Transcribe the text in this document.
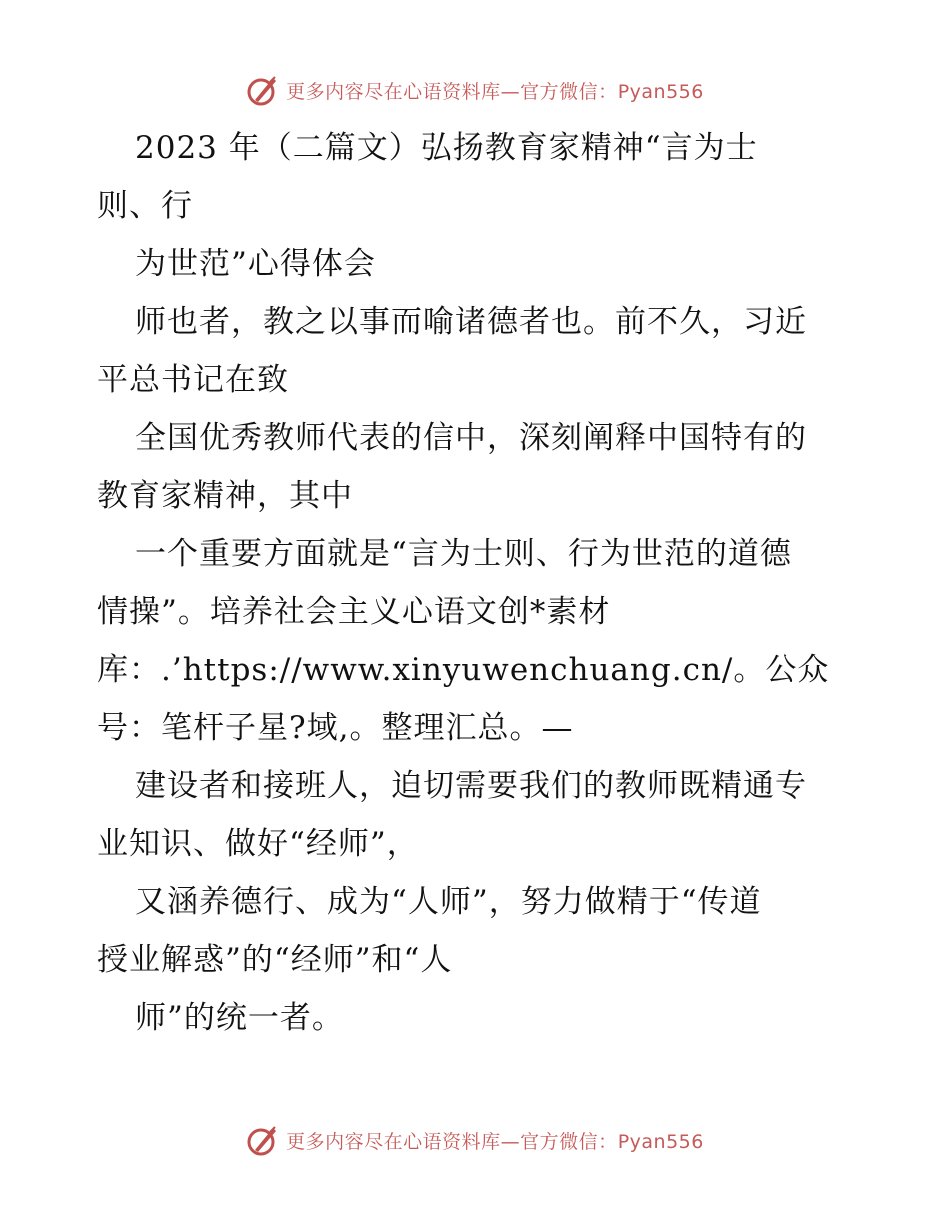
更多内容尽在心语资料库—官方微信：Pyan556
2023 年（二篇文）弘扬教育家精神“言为士
则、行
为世范”心得体会
师也者，教之以事而喻诸德者也。前不久，习近
平总书记在致
全国优秀教师代表的信中，深刻阐释中国特有的
教育家精神，其中
一个重要方面就是“言为士则、行为世范的道德
情操”。培养社会主义心语文创*素材
库：.’https://www.xinyuwenchuang.cn/。公众
号：笔杆子星?域,。整理汇总。—
建设者和接班人，迫切需要我们的教师既精通专
业知识、做好“经师”，
又涵养德行、成为“人师”，努力做精于“传道
授业解惑”的“经师”和“人
师”的统一者。
更多内容尽在心语资料库—官方微信：Pyan556
